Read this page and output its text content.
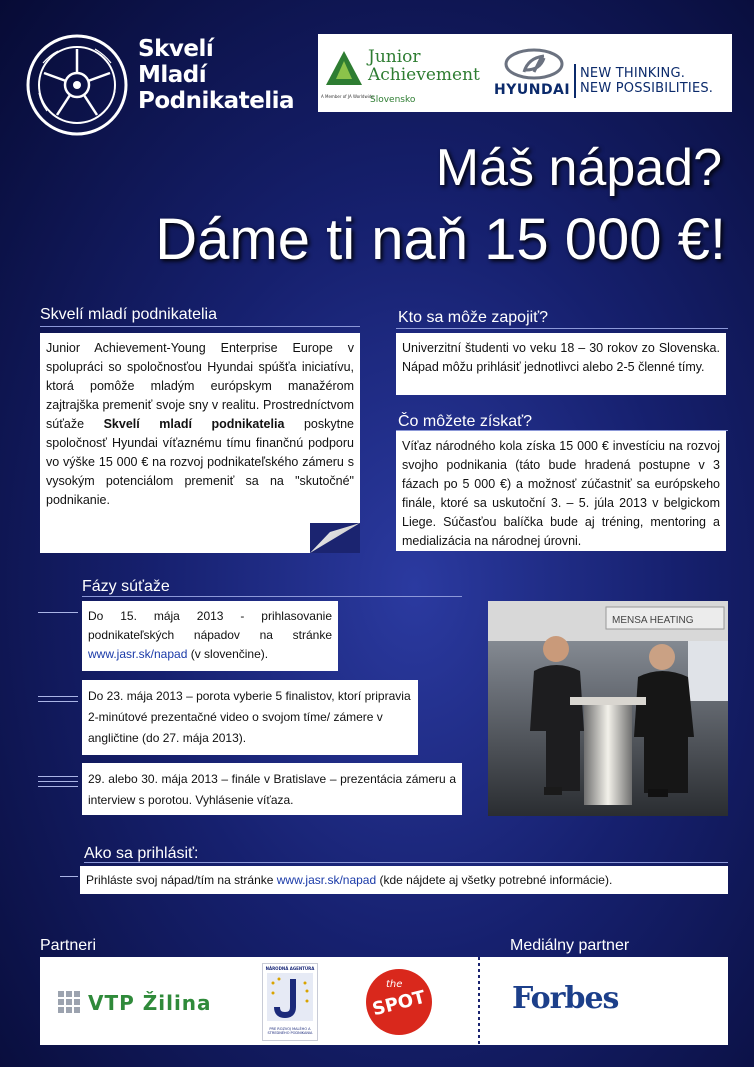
Skvelí
Mladí
Podnikatelia
Junior
Achievement
A Member of JA Worldwide
Slovensko
HYUNDAI
NEW THINKING.
NEW POSSIBILITIES.
Máš nápad?
Dáme ti naň 15 000 €!
Skvelí mladí podnikatelia
Junior Achievement-Young Enterprise Europe v spolupráci so spoločnosťou Hyundai spúšťa iniciatívu, ktorá pomôže mladým európskym manažérom zajtrajška premeniť svoje sny v realitu. Prostredníctvom súťaže Skvelí mladí podnikatelia poskytne spoločnosť Hyundai víťaznému tímu finančnú podporu vo výške 15 000 € na rozvoj podnikateľského zámeru s vysokým potenciálom premeniť sa na "skutočné" podnikanie.
Kto sa môže zapojiť?
Univerzitní študenti vo veku 18 – 30 rokov zo Slovenska. Nápad môžu prihlásiť jednotlivci alebo 2-5 členné tímy.
Čo môžete získať?
Víťaz národného kola získa 15 000 € investíciu na rozvoj svojho podnikania (táto bude hradená postupne v 3 fázach po 5 000 €) a možnosť zúčastniť sa európskeho finále, ktoré sa uskutoční 3. – 5. júla 2013 v belgickom Liege. Súčasťou balíčka bude aj tréning, mentoring a medializácia na národnej úrovni.
Fázy súťaže
Do 15. mája 2013 - prihlasovanie podnikateľských nápadov na stránke www.jasr.sk/napad (v slovenčine).
Do 23. mája 2013 – porota vyberie 5 finalistov, ktorí pripravia 2-minútové prezentačné video o svojom tíme/ zámere v angličtine (do 27. mája 2013).
29. alebo 30. mája 2013 – finále v Bratislave – prezentácia zámeru a interview s porotou. Vyhlásenie víťaza.
MENSA HEATING
Ako sa prihlásiť:
Prihláste svoj nápad/tím na stránke www.jasr.sk/napad (kde nájdete aj všetky potrebné informácie).
Partneri	Mediálny partner
VTP Žilina
NÁRODNÁ AGENTÚRA
PRE ROZVOJ MALÉHO A STREDNÉHO PODNIKANIA
the
SPOT	Forbes
